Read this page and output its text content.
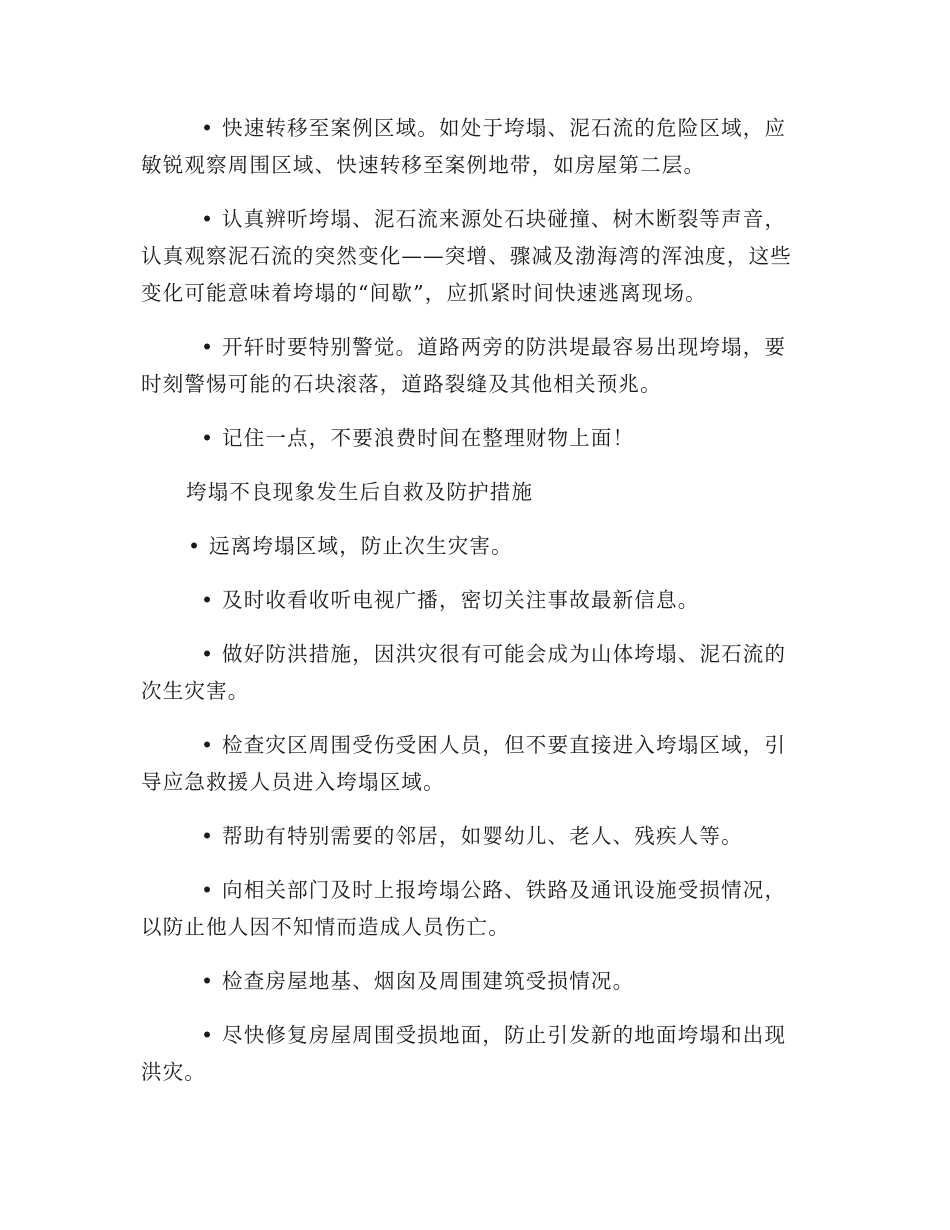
• 快速转移至案例区域。如处于垮塌、泥石流的危险区域，应敏锐观察周围区域、快速转移至案例地带，如房屋第二层。

• 认真辨听垮塌、泥石流来源处石块碰撞、树木断裂等声音，认真观察泥石流的突然变化——突增、骤减及渤海湾的浑浊度，这些变化可能意味着垮塌的“间歇”，应抓紧时间快速逃离现场。

• 开轩时要特别警觉。道路两旁的防洪堤最容易出现垮塌，要时刻警惕可能的石块滚落，道路裂缝及其他相关预兆。

• 记住一点，不要浪费时间在整理财物上面！

垮塌不良现象发生后自救及防护措施

• 远离垮塌区域，防止次生灾害。

• 及时收看收听电视广播，密切关注事故最新信息。

• 做好防洪措施，因洪灾很有可能会成为山体垮塌、泥石流的次生灾害。

• 检查灾区周围受伤受困人员，但不要直接进入垮塌区域，引导应急救援人员进入垮塌区域。

• 帮助有特别需要的邻居，如婴幼儿、老人、残疾人等。

• 向相关部门及时上报垮塌公路、铁路及通讯设施受损情况，以防止他人因不知情而造成人员伤亡。

• 检查房屋地基、烟囱及周围建筑受损情况。

• 尽快修复房屋周围受损地面，防止引发新的地面垮塌和出现洪灾。
